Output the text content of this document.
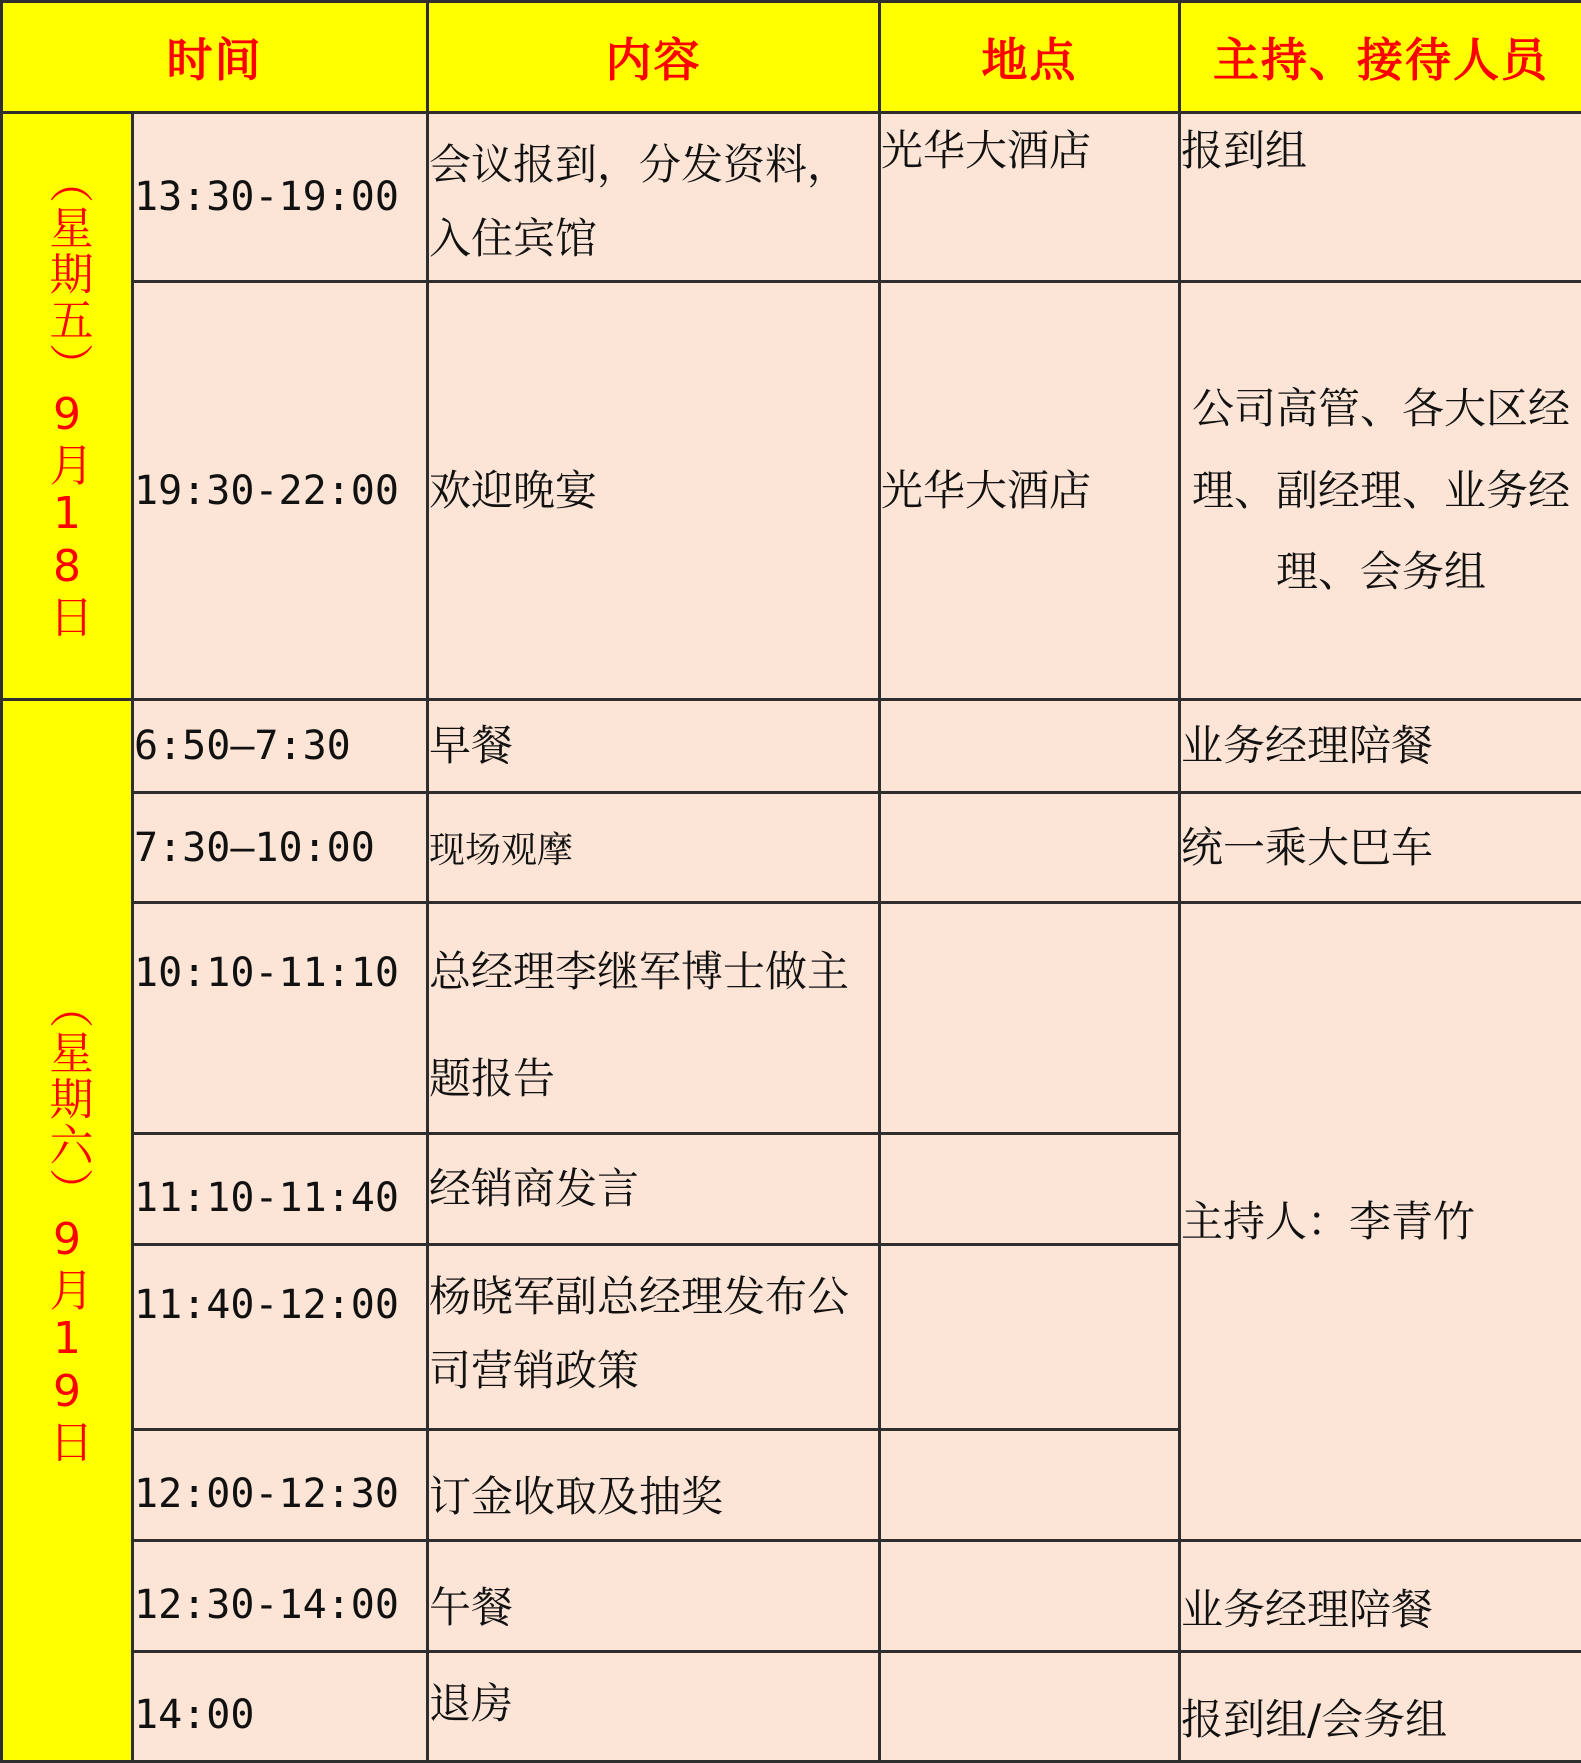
时间		内容	地点	主持、接待人员
（星期五）9月18日	13:30-19:00	会议报到，分发资料，入住宾馆	光华大酒店	报到组
	19:30-22:00	欢迎晚宴	光华大酒店	公司高管、各大区经理、副经理、业务经理、会务组
（星期六）9月19日	6:50—7:30	早餐		业务经理陪餐
	7:30—10:00	现场观摩		统一乘大巴车
	10:10-11:10	总经理李继军博士做主题报告		主持人：李青竹
	11:10-11:40	经销商发言		
	11:40-12:00	杨晓军副总经理发布公司营销政策		
	12:00-12:30	订金收取及抽奖		
	12:30-14:00	午餐		业务经理陪餐
	14:00	退房		报到组/会务组
